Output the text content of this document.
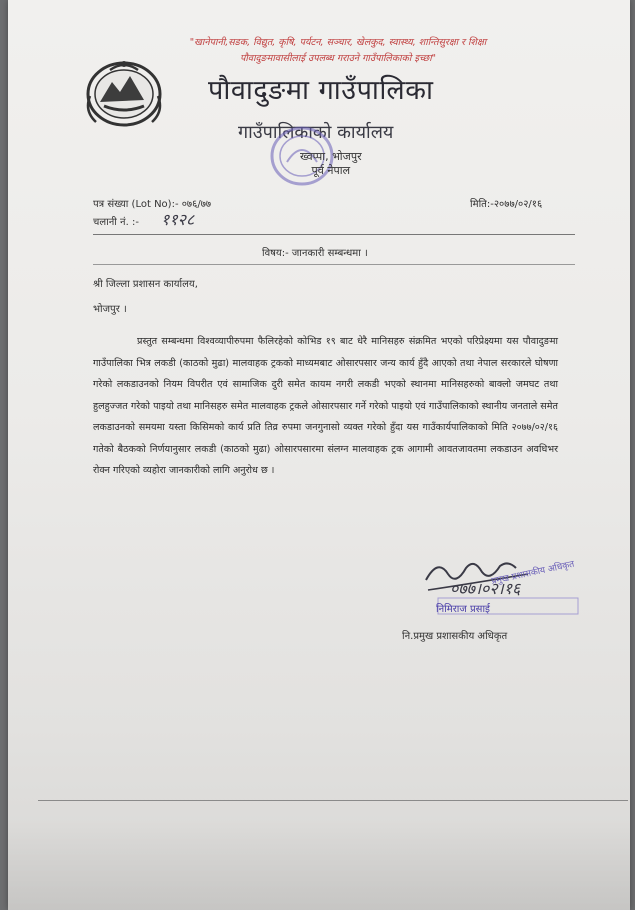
"खानेपानी,सडक, विद्युत, कृषि, पर्यटन, सञ्चार, खेलकुद, स्वास्थ्य, शान्तिसुरक्षा र शिक्षा
पौवादुङमावासीलाई उपलब्ध गराउने गाउँपालिकाको इच्छा"
पौवादुङमा गाउँपालिका
गाउँपालिकाको कार्यालय
ख्वप्पा, भोजपुर
पूर्व नेपाल
पत्र संख्या (Lot No):- ०७६/७७
चलानी नं. :- ११२८
मिति:-२०७७/०२/१६
विषय:- जानकारी सम्बन्धमा ।
श्री जिल्ला प्रशासन कार्यालय,
भोजपुर ।
प्रस्तुत सम्बन्धमा विश्वव्यापीरुपमा फैलिरहेको कोभिड १९ बाट धेरै मानिसहरु संक्रमित भएको परिप्रेक्ष्यमा यस पौवादुङमा गाउँपालिका भित्र लकडी (काठको मुढा) मालवाहक ट्रकको माध्यमबाट ओसारपसार जन्य कार्य हुँदै आएको तथा नेपाल सरकारले घोषणा गरेको लकडाउनको नियम विपरीत एवं सामाजिक दुरी समेत कायम नगरी लकडी भएको स्थानमा मानिसहरुको बाक्लो जमघट तथा हुलहुज्जत गरेको पाइयो तथा मानिसहरु समेत मालवाहक ट्रकले ओसारपसार गर्ने गरेको पाइयो एवं गाउँपालिकाको स्थानीय जनताले समेत लकडाउनको समयमा यस्ता किसिमको कार्य प्रति तिव्र रुपमा जनगुनासो व्यक्त गरेको हुँदा यस गाउँकार्यपालिकाको मिति २०७७/०२/१६ गतेको बैठकको निर्णयानुसार लकडी (काठको मुढा) ओसारपसारमा संलग्न मालवाहक ट्रक आगामी आवतजावतमा लकडाउन अवधिभर रोक्न गरिएको व्यहोरा जानकारीको लागि अनुरोध छ ।
०७७।०२।१६
प्रमुख प्रशासकीय अधिकृत
निमिराज प्रसाई
नि.प्रमुख प्रशासकीय अधिकृत
